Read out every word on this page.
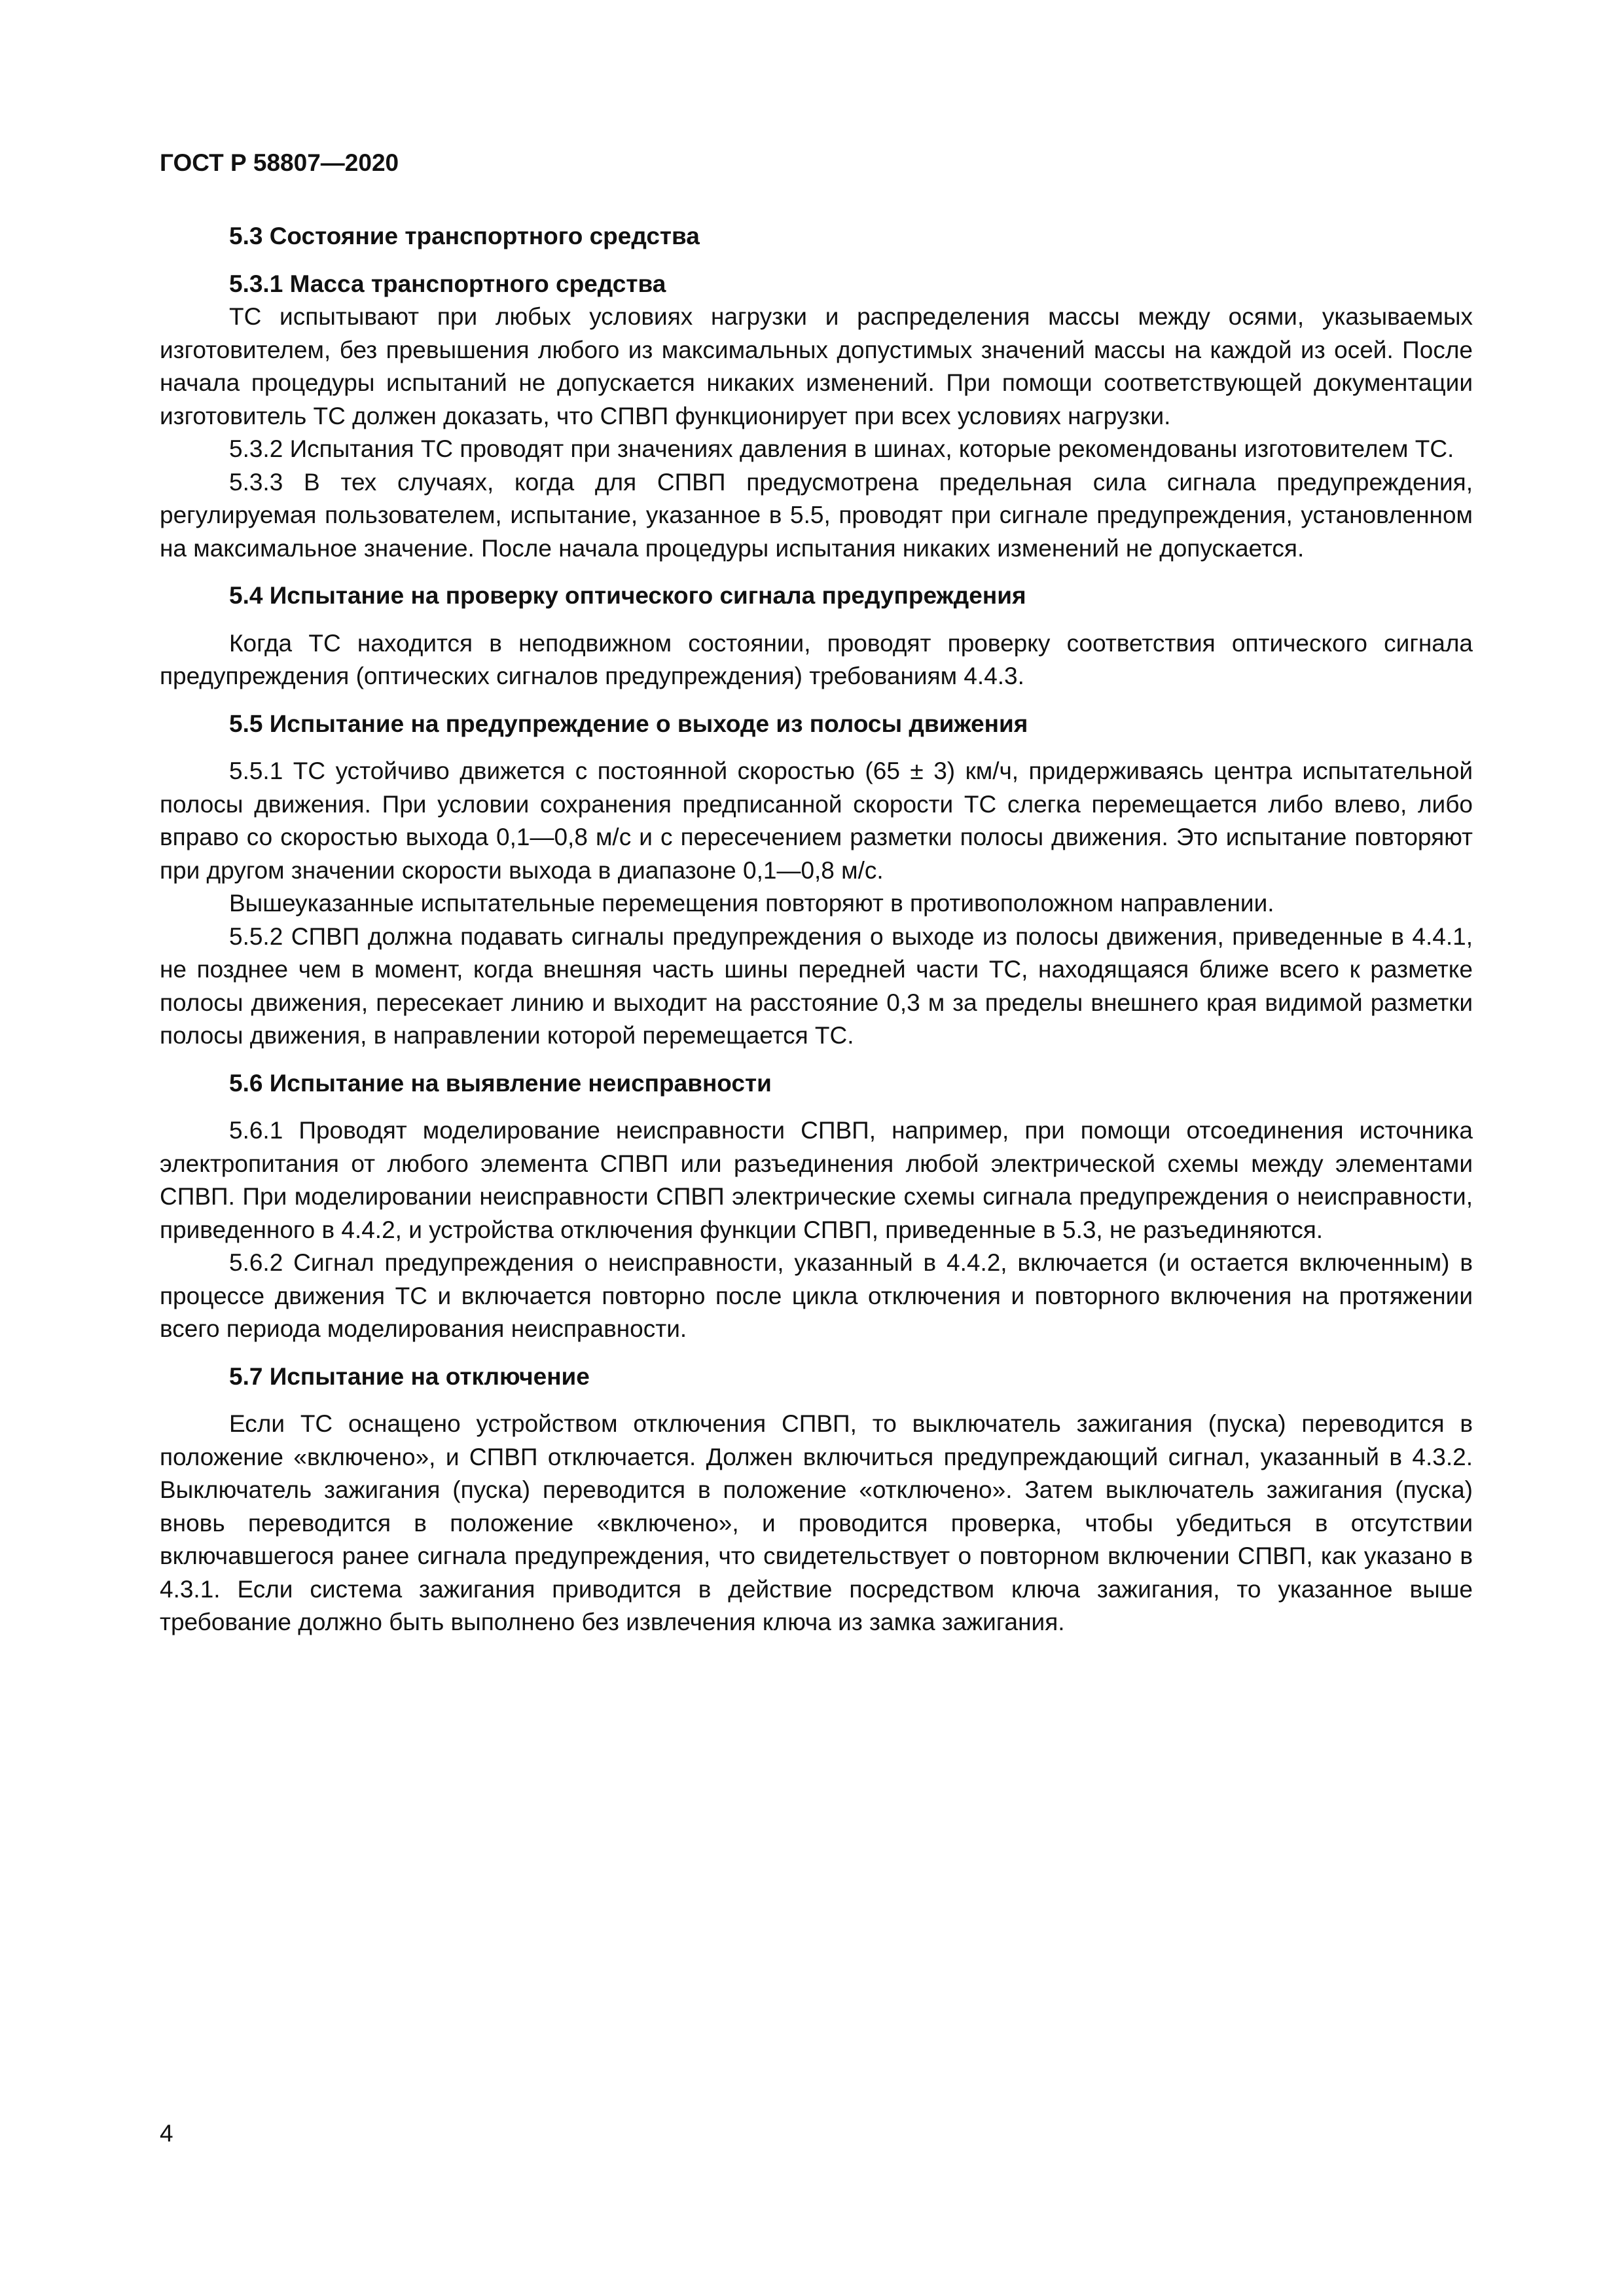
ГОСТ Р 58807—2020

5.3 Состояние транспортного средства

5.3.1 Масса транспортного средства

ТС испытывают при любых условиях нагрузки и распределения массы между осями, указываемых изготовителем, без превышения любого из максимальных допустимых значений массы на каждой из осей. После начала процедуры испытаний не допускается никаких изменений. При помощи соответствующей документации изготовитель ТС должен доказать, что СПВП функционирует при всех условиях нагрузки.

5.3.2 Испытания ТС проводят при значениях давления в шинах, которые рекомендованы изготовителем ТС.

5.3.3 В тех случаях, когда для СПВП предусмотрена предельная сила сигнала предупреждения, регулируемая пользователем, испытание, указанное в 5.5, проводят при сигнале предупреждения, установленном на максимальное значение. После начала процедуры испытания никаких изменений не допускается.

5.4 Испытание на проверку оптического сигнала предупреждения

Когда ТС находится в неподвижном состоянии, проводят проверку соответствия оптического сигнала предупреждения (оптических сигналов предупреждения) требованиям 4.4.3.

5.5 Испытание на предупреждение о выходе из полосы движения

5.5.1 ТС устойчиво движется с постоянной скоростью (65 ± 3) км/ч, придерживаясь центра испытательной полосы движения. При условии сохранения предписанной скорости ТС слегка перемещается либо влево, либо вправо со скоростью выхода 0,1—0,8 м/с и с пересечением разметки полосы движения. Это испытание повторяют при другом значении скорости выхода в диапазоне 0,1—0,8 м/с.

Вышеуказанные испытательные перемещения повторяют в противоположном направлении.

5.5.2 СПВП должна подавать сигналы предупреждения о выходе из полосы движения, приведенные в 4.4.1, не позднее чем в момент, когда внешняя часть шины передней части ТС, находящаяся ближе всего к разметке полосы движения, пересекает линию и выходит на расстояние 0,3 м за пределы внешнего края видимой разметки полосы движения, в направлении которой перемещается ТС.

5.6 Испытание на выявление неисправности

5.6.1 Проводят моделирование неисправности СПВП, например, при помощи отсоединения источника электропитания от любого элемента СПВП или разъединения любой электрической схемы между элементами СПВП. При моделировании неисправности СПВП электрические схемы сигнала предупреждения о неисправности, приведенного в 4.4.2, и устройства отключения функции СПВП, приведенные в 5.3, не разъединяются.

5.6.2 Сигнал предупреждения о неисправности, указанный в 4.4.2, включается (и остается включенным) в процессе движения ТС и включается повторно после цикла отключения и повторного включения на протяжении всего периода моделирования неисправности.

5.7 Испытание на отключение

Если ТС оснащено устройством отключения СПВП, то выключатель зажигания (пуска) переводится в положение «включено», и СПВП отключается. Должен включиться предупреждающий сигнал, указанный в 4.3.2. Выключатель зажигания (пуска) переводится в положение «отключено». Затем выключатель зажигания (пуска) вновь переводится в положение «включено», и проводится проверка, чтобы убедиться в отсутствии включавшегося ранее сигнала предупреждения, что свидетельствует о повторном включении СПВП, как указано в 4.3.1. Если система зажигания приводится в действие посредством ключа зажигания, то указанное выше требование должно быть выполнено без извлечения ключа из замка зажигания.

4
